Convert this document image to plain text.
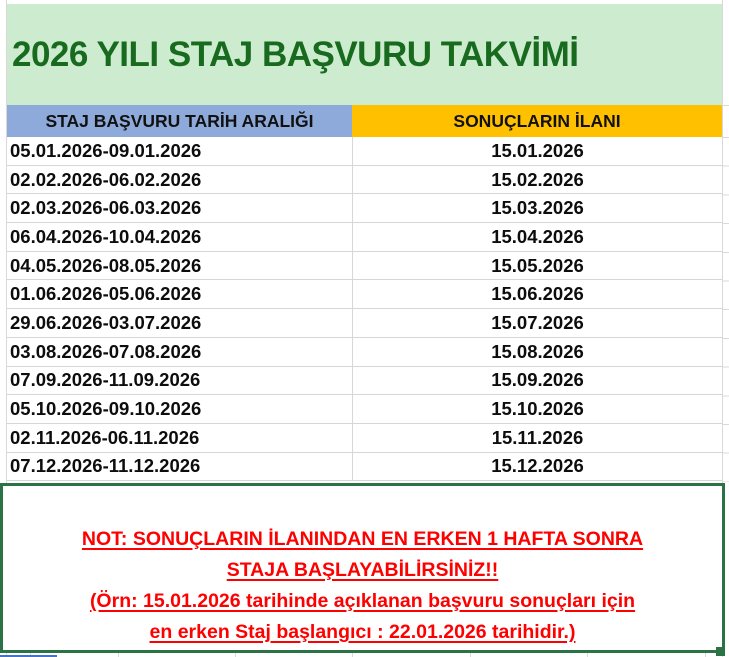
2026 YILI STAJ BAŞVURU TAKVİMİ
STAJ BAŞVURU TARİH ARALIĞI	SONUÇLARIN İLANI
05.01.2026-09.01.2026	15.01.2026
02.02.2026-06.02.2026	15.02.2026
02.03.2026-06.03.2026	15.03.2026
06.04.2026-10.04.2026	15.04.2026
04.05.2026-08.05.2026	15.05.2026
01.06.2026-05.06.2026	15.06.2026
29.06.2026-03.07.2026	15.07.2026
03.08.2026-07.08.2026	15.08.2026
07.09.2026-11.09.2026	15.09.2026
05.10.2026-09.10.2026	15.10.2026
02.11.2026-06.11.2026	15.11.2026
07.12.2026-11.12.2026	15.12.2026
NOT: SONUÇLARIN İLANINDAN EN ERKEN 1 HAFTA SONRA
STAJA BAŞLAYABİLİRSİNİZ!!
(Örn: 15.01.2026 tarihinde açıklanan başvuru sonuçları için
en erken Staj başlangıcı : 22.01.2026 tarihidir.)
